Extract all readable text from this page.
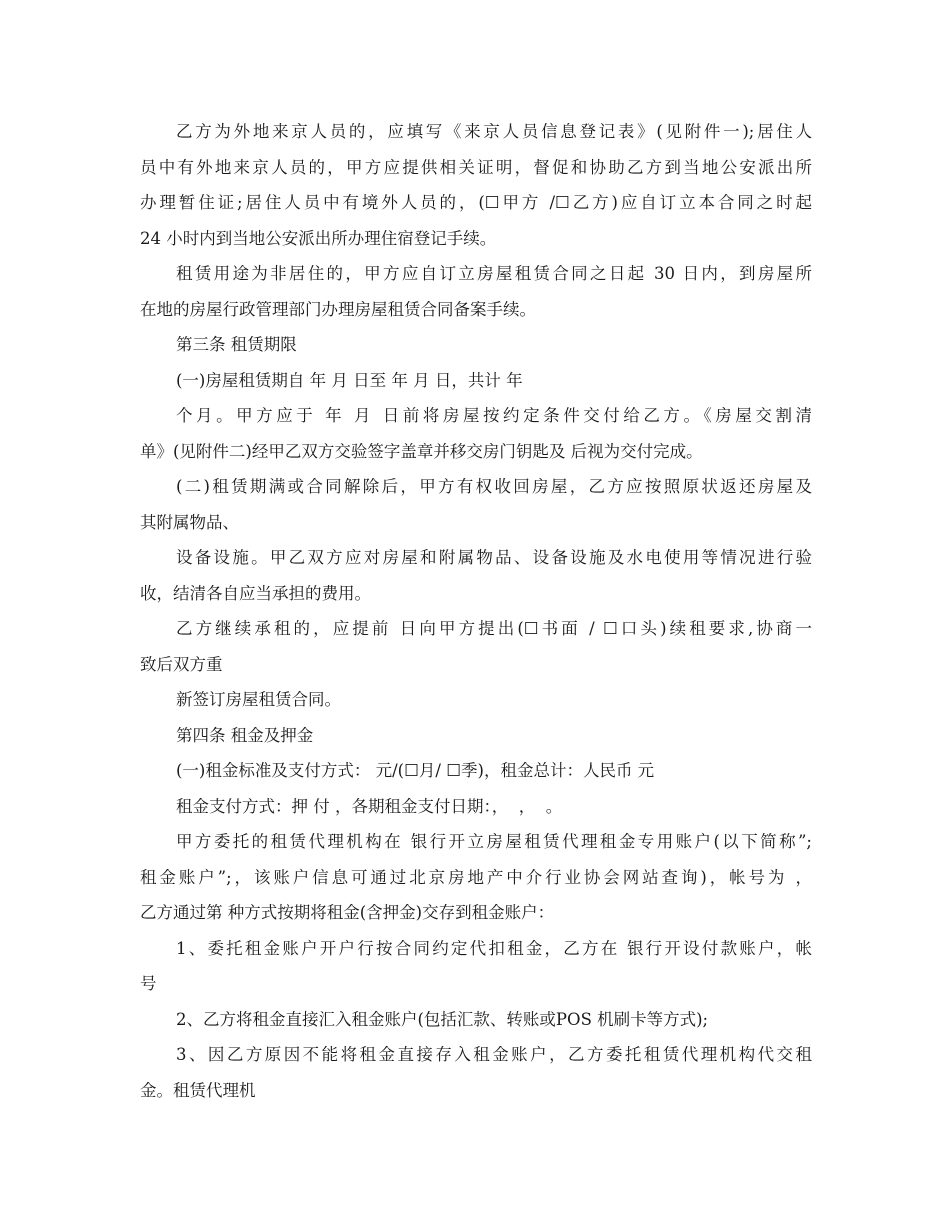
乙方为外地来京人员的，应填写《来京人员信息登记表》(见附件一);居住人
员中有外地来京人员的，甲方应提供相关证明，督促和协助乙方到当地公安派出所
办理暂住证;居住人员中有境外人员的，(☐甲方 /☐乙方)应自订立本合同之时起
24 小时内到当地公安派出所办理住宿登记手续。
租赁用途为非居住的，甲方应自订立房屋租赁合同之日起 30 日内，到房屋所
在地的房屋行政管理部门办理房屋租赁合同备案手续。
第三条 租赁期限
(一)房屋租赁期自 年 月 日至 年 月 日，共计 年
个月。甲方应于 年 月 日前将房屋按约定条件交付给乙方。《房屋交割清
单》(见附件二)经甲乙双方交验签字盖章并移交房门钥匙及 后视为交付完成。
(二)租赁期满或合同解除后，甲方有权收回房屋，乙方应按照原状返还房屋及
其附属物品、
设备设施。甲乙双方应对房屋和附属物品、设备设施及水电使用等情况进行验
收，结清各自应当承担的费用。
乙方继续承租的，应提前 日向甲方提出(☐书面 / ☐口头)续租要求,协商一
致后双方重
新签订房屋租赁合同。
第四条 租金及押金
(一)租金标准及支付方式： 元/(☐月/ ☐季)，租金总计：人民币 元
租金支付方式：押 付 ，各期租金支付日期：，  ，  。
甲方委托的租赁代理机构在 银行开立房屋租赁代理租金专用账户(以下简称”;
租金账户”;，该账户信息可通过北京房地产中介行业协会网站查询)，帐号为 ，
乙方通过第 种方式按期将租金(含押金)交存到租金账户：
1、委托租金账户开户行按合同约定代扣租金，乙方在 银行开设付款账户，帐
号
2、乙方将租金直接汇入租金账户(包括汇款、转账或POS 机刷卡等方式);
3、因乙方原因不能将租金直接存入租金账户，乙方委托租赁代理机构代交租
金。租赁代理机
